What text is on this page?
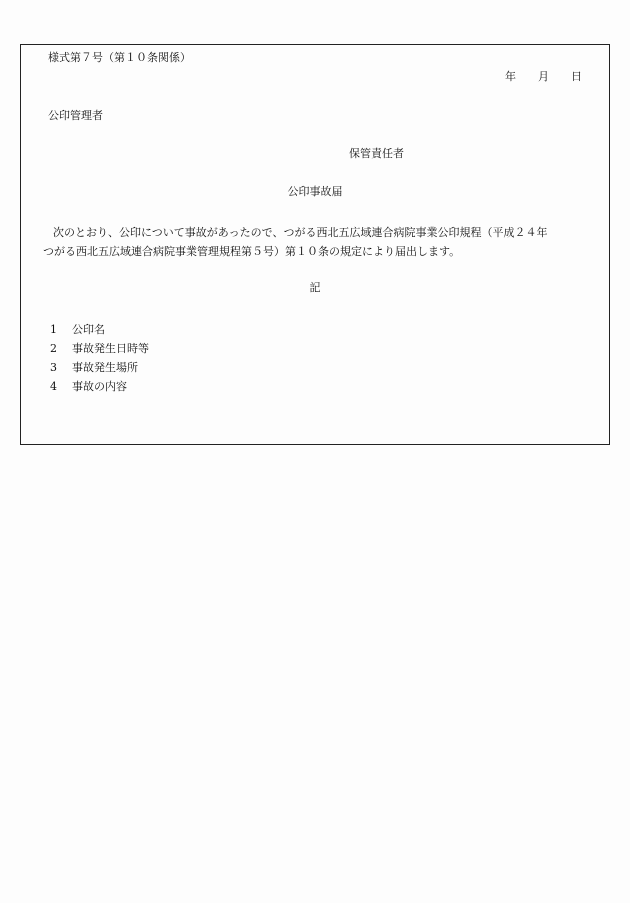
様式第７号（第１０条関係）
年 月 日
公印管理者
保管責任者
公印事故届
次のとおり、公印について事故があったので、つがる西北五広域連合病院事業公印規程（平成２４年
つがる西北五広域連合病院事業管理規程第５号）第１０条の規定により届出します。
記
1 公印名
2 事故発生日時等
3 事故発生場所
4 事故の内容
